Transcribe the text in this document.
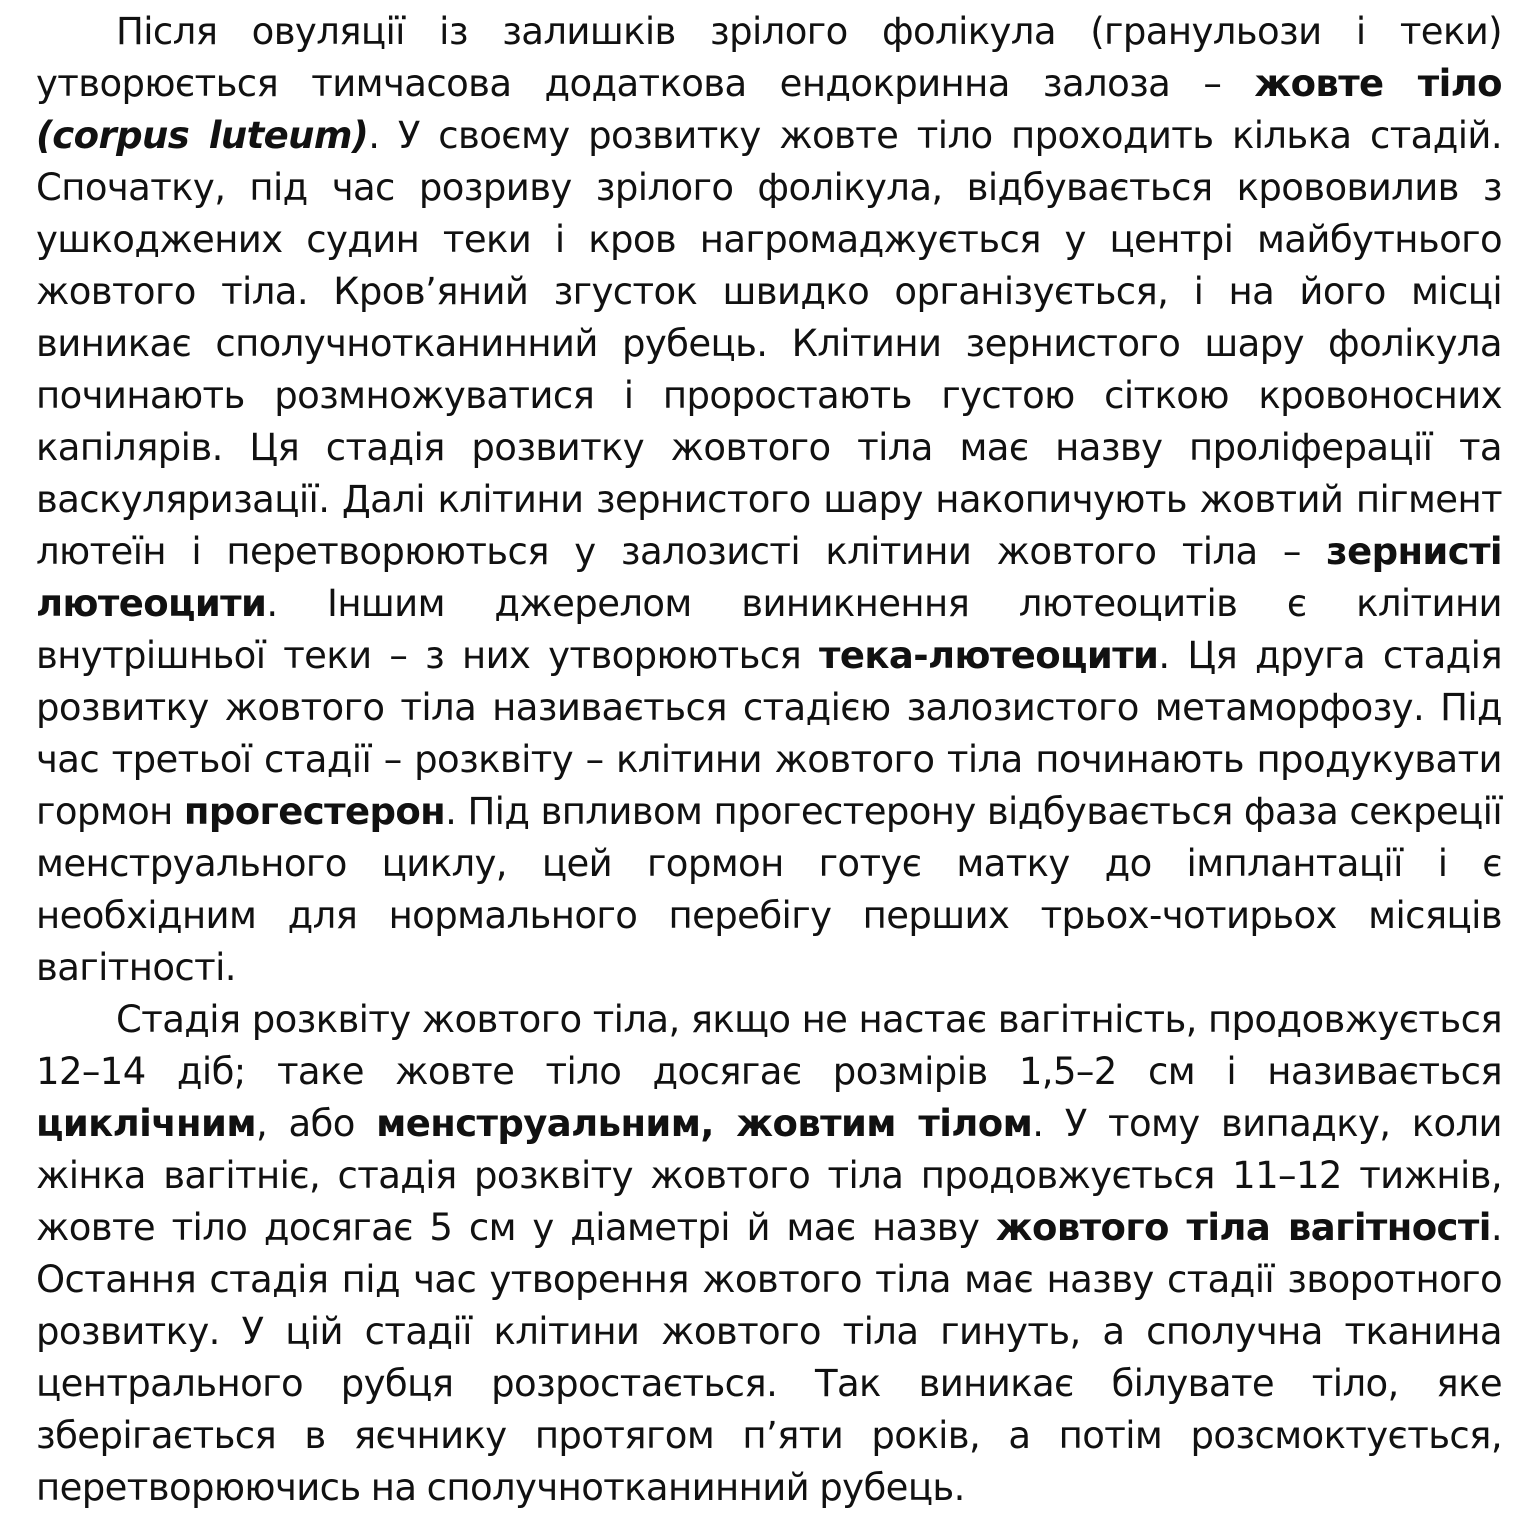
Після овуляції із залишків зрілого фолікула (гранульози і теки) утворюється тимчасова додаткова ендокринна залоза – жовте тіло (corpus luteum). У своєму розвитку жовте тіло проходить кілька стадій. Спочатку, під час розриву зрілого фолікула, відбувається крововилив з ушкоджених судин теки і кров нагромаджується у центрі майбутнього жовтого тіла. Кров’яний згусток швидко організується, і на його місці виникає сполучнотканинний рубець. Клітини зернистого шару фолікула починають розмножуватися і проростають густою сіткою кровоносних капілярів. Ця стадія розвитку жовтого тіла має назву проліферації та васкуляризації. Далі клітини зернистого шару накопичують жовтий пігмент лютеїн і перетворюються у залозисті клітини жовтого тіла – зернисті лютеоцити. Іншим джерелом виникнення лютеоцитів є клітини внутрішньої теки – з них утворюються тека-лютеоцити. Ця друга стадія розвитку жовтого тіла називається стадією залозистого метаморфозу. Під час третьої стадії – розквіту – клітини жовтого тіла починають продукувати гормон прогестерон. Під впливом прогестерону відбувається фаза секреції менструального циклу, цей гормон готує матку до імплантації і є необхідним для нормального перебігу перших трьох-чотирьох місяців вагітності.

Стадія розквіту жовтого тіла, якщо не настає вагітність, продовжується 12–14 діб; таке жовте тіло досягає розмірів 1,5–2 см і називається циклічним, або менструальним, жовтим тілом. У тому випадку, коли жінка вагітніє, стадія розквіту жовтого тіла продовжується 11–12 тижнів, жовте тіло досягає 5 см у діаметрі й має назву жовтого тіла вагітності. Остання стадія під час утворення жовтого тіла має назву стадії зворотного розвитку. У цій стадії клітини жовтого тіла гинуть, а сполучна тканина центрального рубця розростається. Так виникає білувате тіло, яке зберігається в яєчнику протягом п’яти років, а потім розсмоктується, перетворюючись на сполучнотканинний рубець.
